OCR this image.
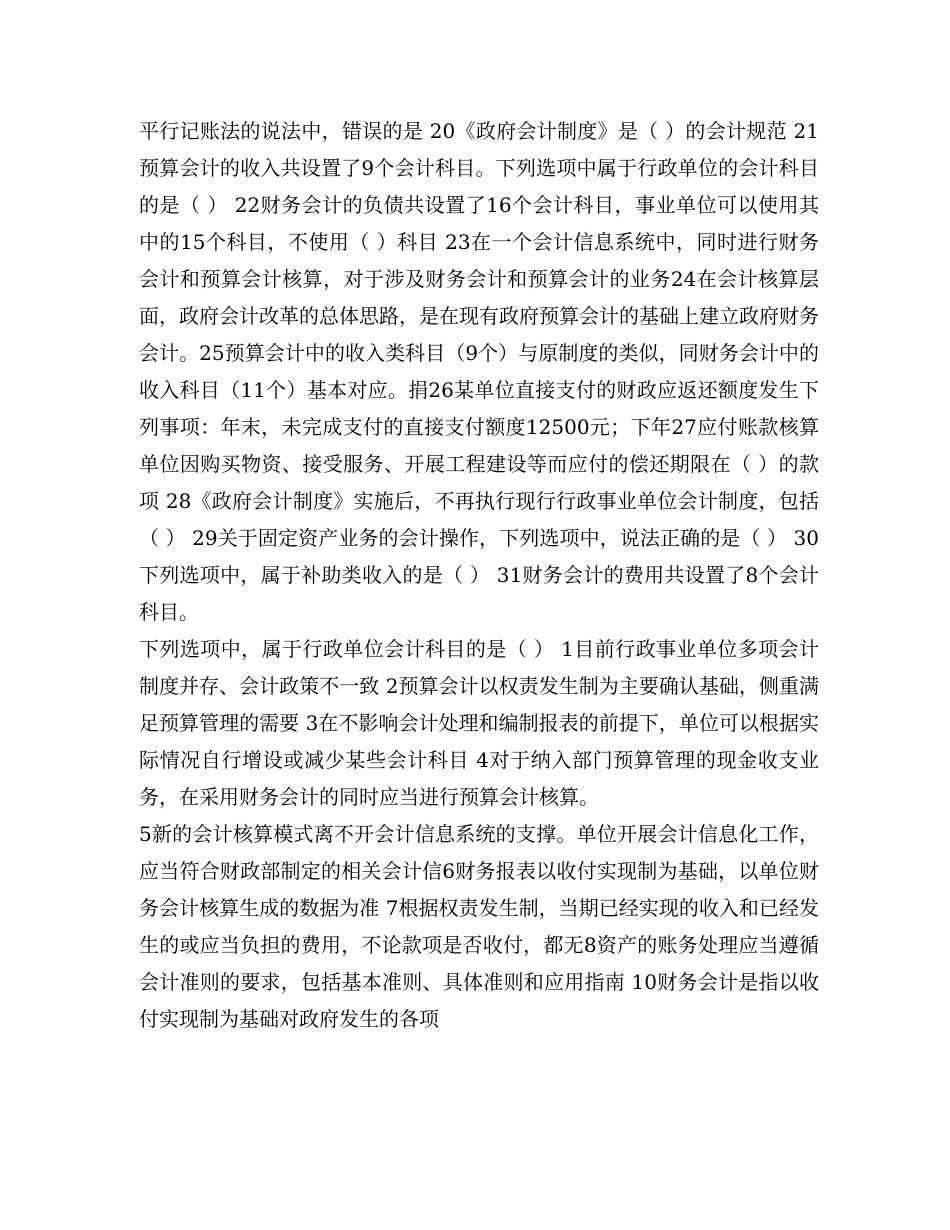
平行记账法的说法中，错误的是 20《政府会计制度》是（ ）的会计规范 21预算会计的收入共设置了9个会计科目。下列选项中属于行政单位的会计科目的是（ ） 22财务会计的负债共设置了16个会计科目，事业单位可以使用其中的15个科目，不使用（ ）科目 23在一个会计信息系统中，同时进行财务会计和预算会计核算，对于涉及财务会计和预算会计的业务24在会计核算层面，政府会计改革的总体思路，是在现有政府预算会计的基础上建立政府财务会计。25预算会计中的收入类科目（9个）与原制度的类似，同财务会计中的收入科目（11个）基本对应。捐26某单位直接支付的财政应返还额度发生下列事项：年末，未完成支付的直接支付额度12500元；下年27应付账款核算单位因购买物资、接受服务、开展工程建设等而应付的偿还期限在（ ）的款项 28《政府会计制度》实施后，不再执行现行行政事业单位会计制度，包括（ ） 29关于固定资产业务的会计操作，下列选项中，说法正确的是（ ） 30下列选项中，属于补助类收入的是（ ） 31财务会计的费用共设置了8个会计科目。

下列选项中，属于行政单位会计科目的是（ ） 1目前行政事业单位多项会计制度并存、会计政策不一致 2预算会计以权责发生制为主要确认基础，侧重满足预算管理的需要 3在不影响会计处理和编制报表的前提下，单位可以根据实际情况自行增设或减少某些会计科目 4对于纳入部门预算管理的现金收支业务，在采用财务会计的同时应当进行预算会计核算。

5新的会计核算模式离不开会计信息系统的支撑。单位开展会计信息化工作，应当符合财政部制定的相关会计信6财务报表以收付实现制为基础，以单位财务会计核算生成的数据为准 7根据权责发生制，当期已经实现的收入和已经发生的或应当负担的费用，不论款项是否收付，都无8资产的账务处理应当遵循会计准则的要求，包括基本准则、具体准则和应用指南 10财务会计是指以收付实现制为基础对政府发生的各项
